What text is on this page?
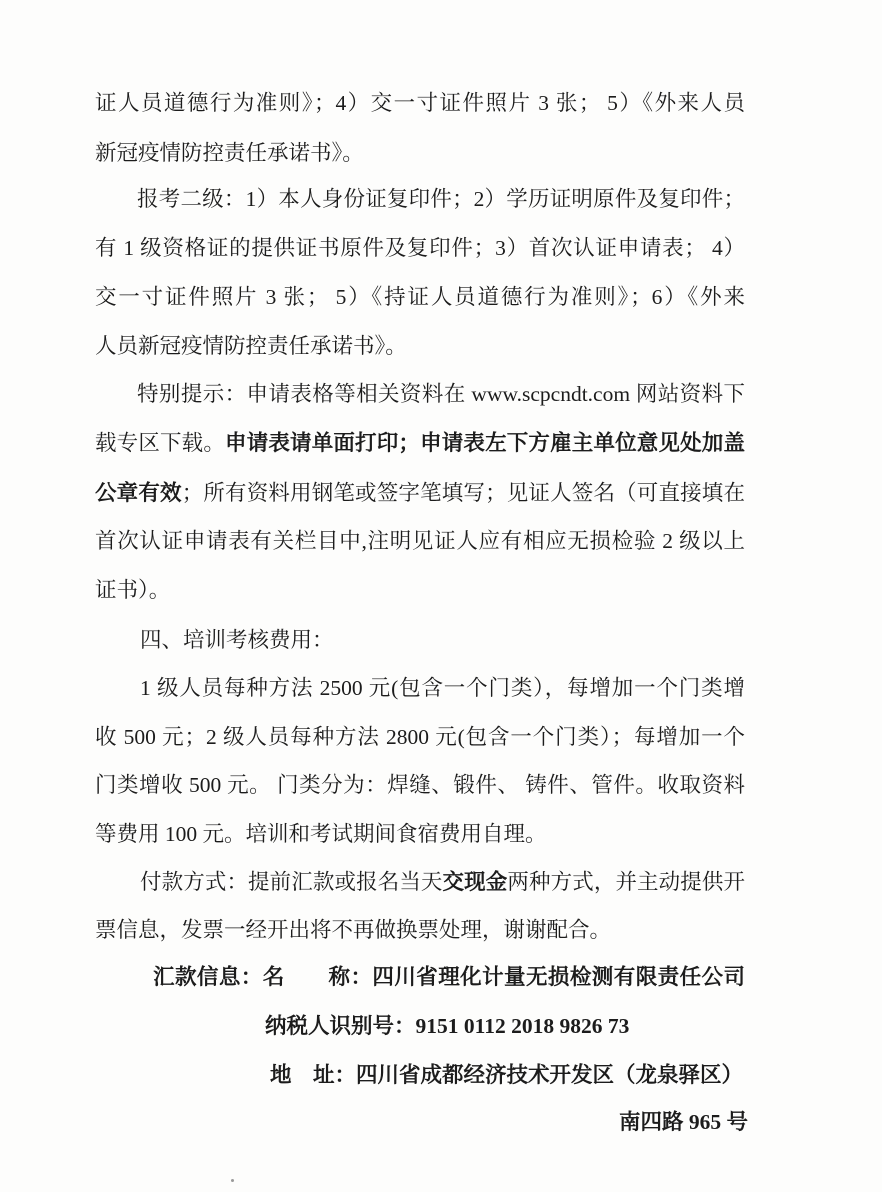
证人员道德行为准则》；4）交一寸证件照片 3 张； 5）《外来人员
新冠疫情防控责任承诺书》。
报考二级：1）本人身份证复印件；2）学历证明原件及复印件；
有 1 级资格证的提供证书原件及复印件；3）首次认证申请表； 4）
交一寸证件照片 3 张； 5）《持证人员道德行为准则》；6）《外来
人员新冠疫情防控责任承诺书》。
特别提示：申请表格等相关资料在 www.scpcndt.com 网站资料下
载专区下载。申请表请单面打印；申请表左下方雇主单位意见处加盖
公章有效；所有资料用钢笔或签字笔填写；见证人签名（可直接填在
首次认证申请表有关栏目中,注明见证人应有相应无损检验 2 级以上
证书）。
四、培训考核费用：
1 级人员每种方法 2500 元(包含一个门类），每增加一个门类增
收 500 元；2 级人员每种方法 2800 元(包含一个门类）；每增加一个
门类增收 500 元。 门类分为：焊缝、锻件、 铸件、管件。收取资料
等费用 100 元。培训和考试期间食宿费用自理。
付款方式：提前汇款或报名当天交现金两种方式，并主动提供开
票信息，发票一经开出将不再做换票处理，谢谢配合。
汇款信息：名　　称：四川省理化计量无损检测有限责任公司
纳税人识别号：9151 0112 2018 9826 73
地　址：四川省成都经济技术开发区（龙泉驿区）
南四路 965 号
